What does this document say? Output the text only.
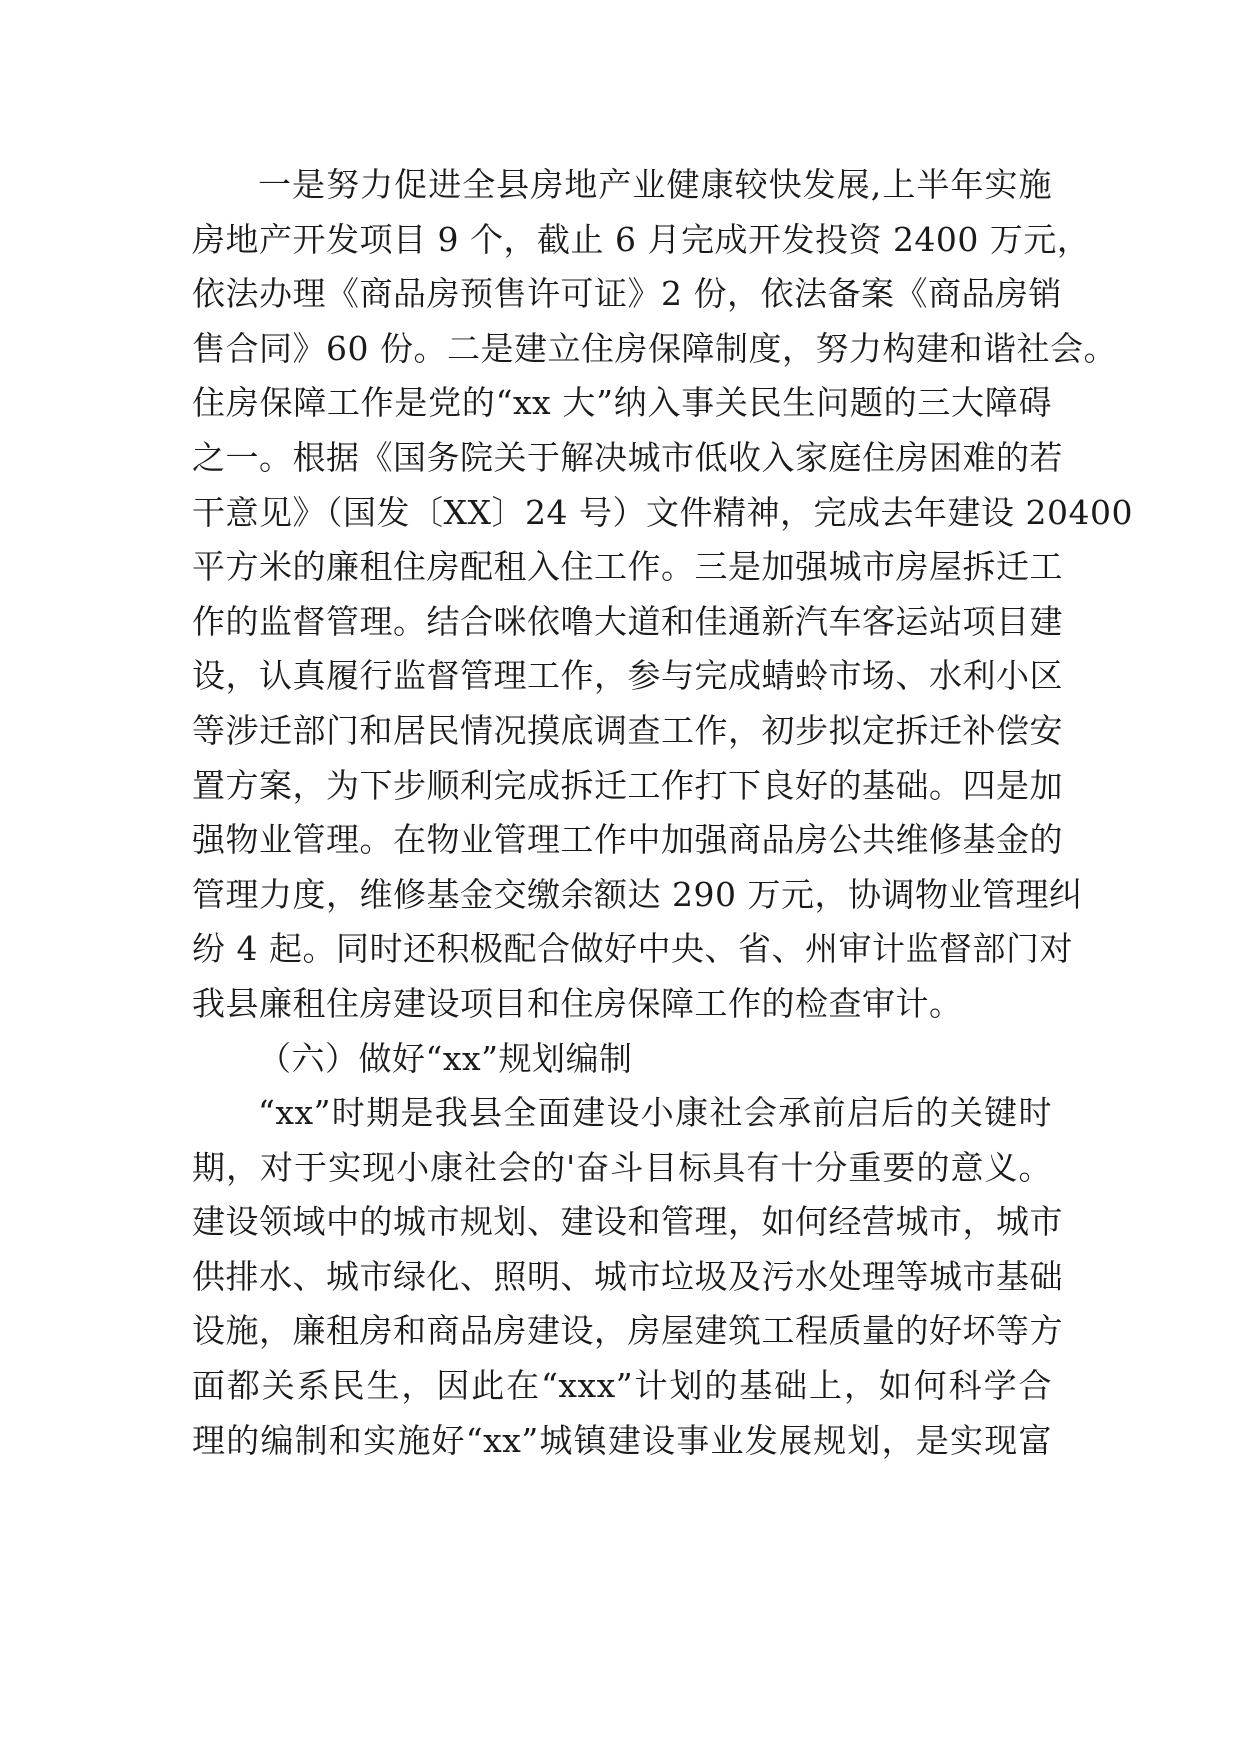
一是努力促进全县房地产业健康较快发展,上半年实施
房地产开发项目 9 个，截止 6 月完成开发投资 2400 万元，
依法办理《商品房预售许可证》2 份，依法备案《商品房销
售合同》60 份。二是建立住房保障制度，努力构建和谐社会。
住房保障工作是党的“xx 大”纳入事关民生问题的三大障碍
之一。根据《国务院关于解决城市低收入家庭住房困难的若
干意见》（国发〔XX〕24 号）文件精神，完成去年建设 20400
平方米的廉租住房配租入住工作。三是加强城市房屋拆迁工
作的监督管理。结合咪依噜大道和佳通新汽车客运站项目建
设，认真履行监督管理工作，参与完成蜻蛉市场、水利小区
等涉迁部门和居民情况摸底调查工作，初步拟定拆迁补偿安
置方案，为下步顺利完成拆迁工作打下良好的基础。四是加
强物业管理。在物业管理工作中加强商品房公共维修基金的
管理力度，维修基金交缴余额达 290 万元，协调物业管理纠
纷 4 起。同时还积极配合做好中央、省、州审计监督部门对
我县廉租住房建设项目和住房保障工作的检查审计。
（六）做好“xx”规划编制
“xx”时期是我县全面建设小康社会承前启后的关键时
期，对于实现小康社会的'奋斗目标具有十分重要的意义。
建设领域中的城市规划、建设和管理，如何经营城市，城市
供排水、城市绿化、照明、城市垃圾及污水处理等城市基础
设施，廉租房和商品房建设，房屋建筑工程质量的好坏等方
面都关系民生，因此在“xxx”计划的基础上，如何科学合
理的编制和实施好“xx”城镇建设事业发展规划，是实现富
